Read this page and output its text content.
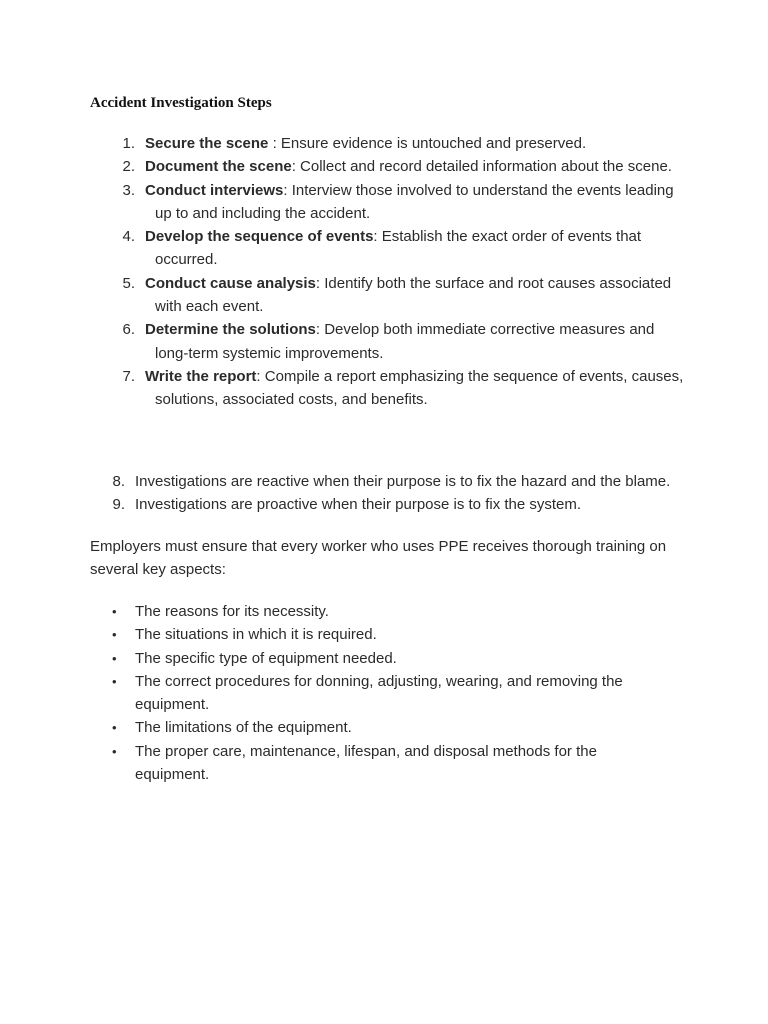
Accident Investigation Steps
1. Secure the scene : Ensure evidence is untouched and preserved.
2. Document the scene: Collect and record detailed information about the scene.
3. Conduct interviews: Interview those involved to understand the events leading
up to and including the accident.
4. Develop the sequence of events: Establish the exact order of events that
occurred.
5. Conduct cause analysis: Identify both the surface and root causes associated
with each event.
6. Determine the solutions: Develop both immediate corrective measures and
long-term systemic improvements.
7. Write the report: Compile a report emphasizing the sequence of events, causes,
solutions, associated costs, and benefits.
8. Investigations are reactive when their purpose is to fix the hazard and the blame.
9. Investigations are proactive when their purpose is to fix the system.

Employers must ensure that every worker who uses PPE receives thorough training on several key aspects:

• The reasons for its necessity.
• The situations in which it is required.
• The specific type of equipment needed.
• The correct procedures for donning, adjusting, wearing, and removing the equipment.
• The limitations of the equipment.
• The proper care, maintenance, lifespan, and disposal methods for the equipment.
